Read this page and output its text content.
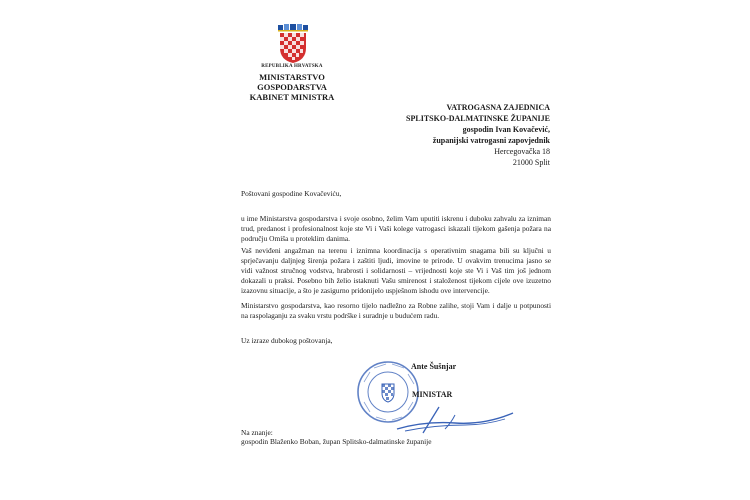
REPUBLIKA HRVATSKA
MINISTARSTVO GOSPODARSTVA
KABINET MINISTRA
VATROGASNA ZAJEDNICA
SPLITSKO-DALMATINSKE ŽUPANIJE
gospodin Ivan Kovačević,
županijski vatrogasni zapovjednik
Hercegovačka 18
21000 Split
Poštovani gospodine Kovačeviću,
u ime Ministarstva gospodarstva i svoje osobno, želim Vam uputiti iskrenu i duboku zahvalu za izniman trud, predanost i profesionalnost koje ste Vi i Vaši kolege vatrogasci iskazali tijekom gašenja požara na području Omiša u proteklim danima.
Vaš neviđeni angažman na terenu i iznimna koordinacija s operativnim snagama bili su ključni u sprječavanju daljnjeg širenja požara i zaštiti ljudi, imovine te prirode. U ovakvim trenucima jasno se vidi važnost stručnog vodstva, hrabrosti i solidarnosti – vrijednosti koje ste Vi i Vaš tim još jednom dokazali u praksi. Posebno bih želio istaknuti Vašu smirenost i staloženost tijekom cijele ove izuzetno izazovnu situacije, a što je zasigurno pridonijelo uspješnom ishodu ove intervencije.
Ministarstvo gospodarstva, kao resorno tijelo nadležno za Robne zalihe, stoji Vam i dalje u potpunosti na raspolaganju za svaku vrstu podrške i suradnje u budućem radu.
Uz izraze dubokog poštovanja,
Ante Šušnjar
MINISTAR
Na znanje:
gospodin Blaženko Boban, župan Splitsko-dalmatinske županije
